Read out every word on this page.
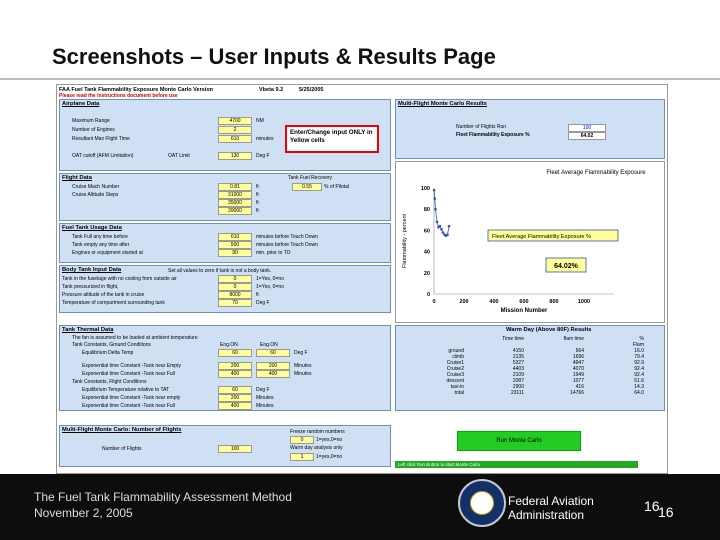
Screenshots – User Inputs & Results Page
FAA Fuel Tank Flammability Exposure Monte Carlo Version	Vbeta 9.2	5/25/2005
Please read the instructions document before use
Airplane Data
Maximum Range	4700	NM
Number of Engines	2
Resultant Max Flight Time	610	minutes
OAT cutoff (AFM Limitation)	OAT Limit	130	Deg F
Enter/Change input ONLY in Yellow cells
Flight Data	Tank Fuel Recovery
0.55	% of Pilotal
Cruise Mach Number	0.81	ft
Cruise Altitude Steps	31000	ft
35000	ft
39000	ft
Fuel Tank Usage Data
Tank Full any time before	610	minutes before Touch Down
Tank empty any time after	500	minutes before Touch Down
Engines or equipment started at	90	min. prior to TO
Body Tank Input Data	Set all values to zero if tank is not a body tank.
Tank in the fuselage with no cooling from outside air	0	1=Yes, 0=no
Tank pressurized in flight,	0	1=Yes, 0=no
Pressure altitude of the tank in cruise	8000	ft
Temperature of compartment surrounding tank	70	Deg F
Tank Thermal Data
The fan is assumed to be loaded at ambient temperature
Tank Constants, Ground Conditions	Eng.ON	Eng.ON
Equilibrium Delta Temp	60	60	Deg F
Exponential time Constant -Tank near Empty	200	200	Minutes
Exponential time Constant -Tank near Full	400	400	Minutes
Tank Constants, Flight Conditions
Equilibrium Temperature relative to TAT	60	Deg F
Exponential time Constant -Tank near empty	200	Minutes
Exponential time Constant -Tank near Full	400	Minutes
Multi-Flight Monte Carlo: Number of Flights	Freeze random numbers
0	1=yes,0=no
Number of Flights	100	Warm day analysis only
1	1=yes,0=no
Multi-Flight Monte Carlo Results
Number of Flights Run	100
Fleet Flammability Exposure %	64.02
Fleet Average Flammability Exposure
0
20
40
60
80
100
0	200	400	600	800	1000
Mission Number
Flammability - percent	Fleet Average Flammability Exposure %
64.02%
Warm Day (Above 80F) Results
	Time time	flam time	%
			Flam
ground	4150	664	16.0
climb	2135	1696	79.4
Cruise1	5327	4947	92.9
Cruise2	4403	4070	92.4
Cruise3	2109	1949	92.4
descent	2087	1077	51.6
taxi-in	2900	416	14.3
total	23111	14766	64.0
Run Monte Carlo
Left click Run Button to start Monte Carlo
The Fuel Tank Flammability Assessment Method
November 2, 2005
Federal Aviation
Administration
16
16
